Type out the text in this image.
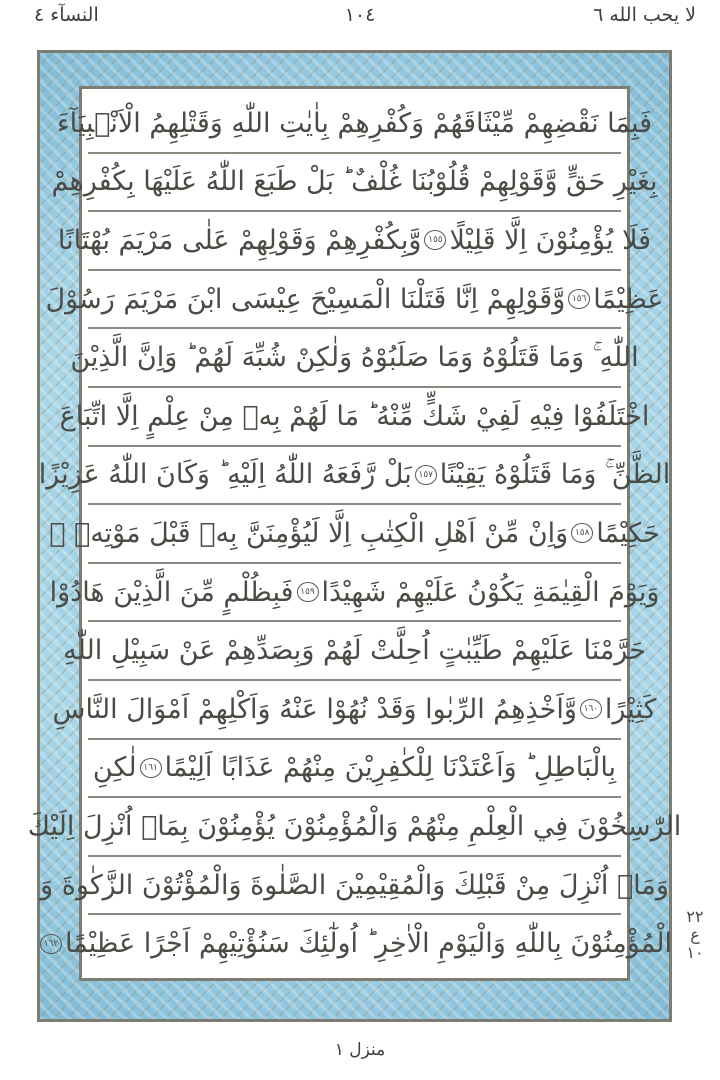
لا يحب الله ٦
١٠٤
النسآء ٤
فَبِمَا نَقْضِهِمْ مِّيْثَاقَهُمْ وَكُفْرِهِمْ بِاٰيٰتِ اللّٰهِ وَقَتْلِهِمُ الْاَنْۢبِيَآءَ
بِغَيْرِ حَقٍّ وَّقَوْلِهِمْ قُلُوْبُنَا غُلْفٌ ؕ بَلْ طَبَعَ اللّٰهُ عَلَيْهَا بِكُفْرِهِمْ
فَلَا يُؤْمِنُوْنَ اِلَّا قَلِيْلًا
١٥٥
وَّبِكُفْرِهِمْ وَقَوْلِهِمْ عَلٰى مَرْيَمَ بُهْتَانًا
عَظِيْمًا
١٥٦
وَّقَوْلِهِمْ اِنَّا قَتَلْنَا الْمَسِيْحَ عِيْسَى ابْنَ مَرْيَمَ رَسُوْلَ
اللّٰهِ ۚ وَمَا قَتَلُوْهُ وَمَا صَلَبُوْهُ وَلٰكِنْ شُبِّهَ لَهُمْ ؕ وَاِنَّ الَّذِيْنَ
اخْتَلَفُوْا فِيْهِ لَفِيْ شَكٍّ مِّنْهُ ؕ مَا لَهُمْ بِهٖ مِنْ عِلْمٍ اِلَّا اتِّبَاعَ
الظَّنِّ ۚ وَمَا قَتَلُوْهُ يَقِيْنًا
١٥٧
بَلْ رَّفَعَهُ اللّٰهُ اِلَيْهِ ؕ وَكَانَ اللّٰهُ عَزِيْزًا
حَكِيْمًا
١٥٨
وَاِنْ مِّنْ اَهْلِ الْكِتٰبِ اِلَّا لَيُؤْمِنَنَّ بِهٖ قَبْلَ مَوْتِهٖ ۚ
وَيَوْمَ الْقِيٰمَةِ يَكُوْنُ عَلَيْهِمْ شَهِيْدًا
١٥٩
فَبِظُلْمٍ مِّنَ الَّذِيْنَ هَادُوْا
حَرَّمْنَا عَلَيْهِمْ طَيِّبٰتٍ اُحِلَّتْ لَهُمْ وَبِصَدِّهِمْ عَنْ سَبِيْلِ اللّٰهِ
كَثِيْرًا
١٦٠
وَّاَخْذِهِمُ الرِّبٰوا وَقَدْ نُهُوْا عَنْهُ وَاَكْلِهِمْ اَمْوَالَ النَّاسِ
بِالْبَاطِلِ ؕ وَاَعْتَدْنَا لِلْكٰفِرِيْنَ مِنْهُمْ عَذَابًا اَلِيْمًا
١٦١
لٰكِنِ
الرّٰسِخُوْنَ فِي الْعِلْمِ مِنْهُمْ وَالْمُؤْمِنُوْنَ يُؤْمِنُوْنَ بِمَاۤ اُنْزِلَ اِلَيْكَ
وَمَاۤ اُنْزِلَ مِنْ قَبْلِكَ وَالْمُقِيْمِيْنَ الصَّلٰوةَ وَالْمُؤْتُوْنَ الزَّكٰوةَ وَ
الْمُؤْمِنُوْنَ بِاللّٰهِ وَالْيَوْمِ الْاٰخِرِ ؕ اُولٰٓئِكَ سَنُؤْتِيْهِمْ اَجْرًا عَظِيْمًا
١٦٢
٢٢
ع
١٠
منزل ١
